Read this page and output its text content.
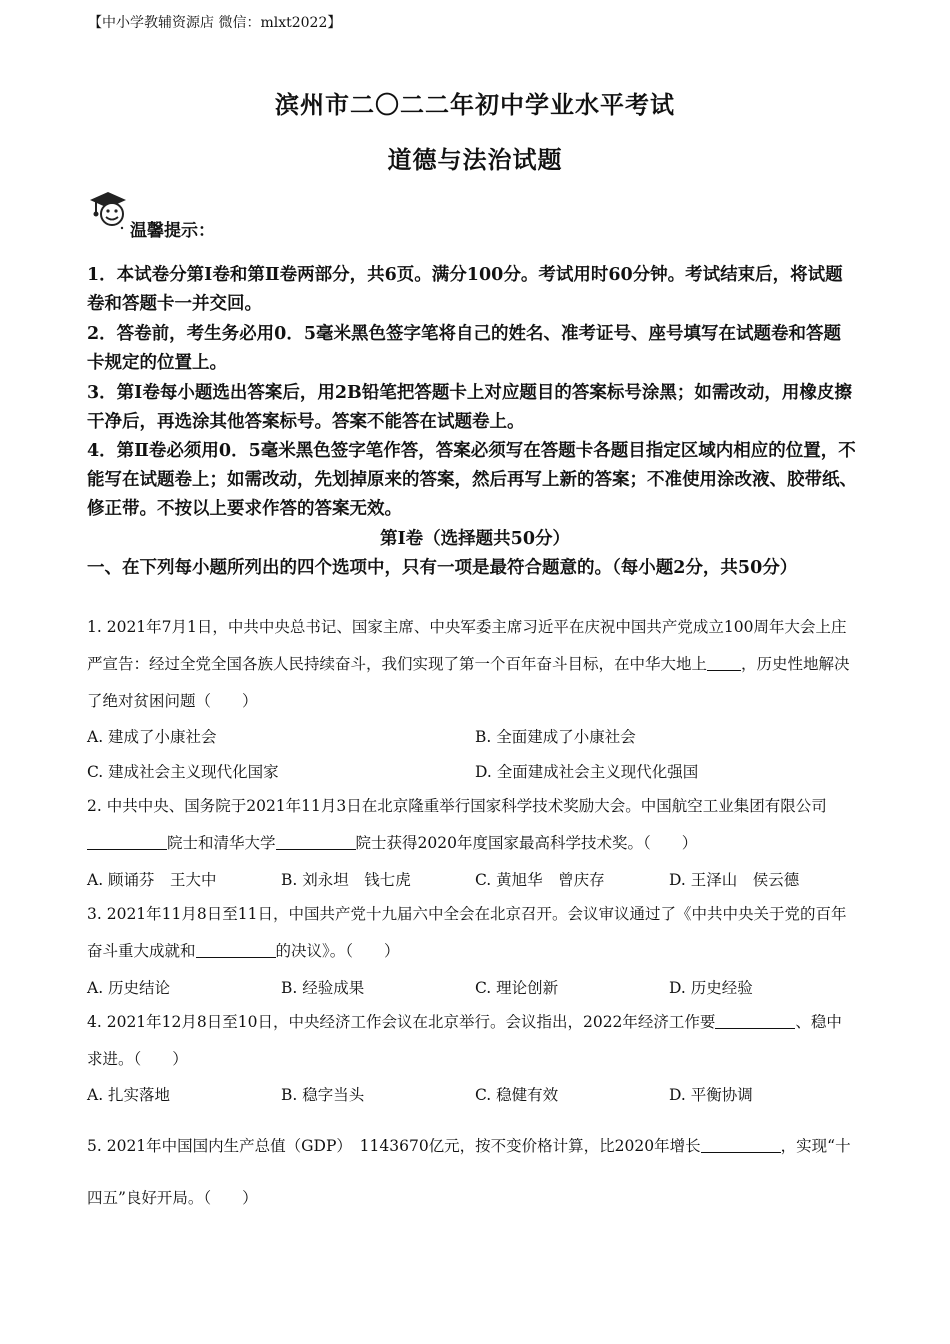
【中小学教辅资源店 微信：mlxt2022】
滨州市二〇二二年初中学业水平考试
道德与法治试题
温馨提示：

1．本试卷分第Ⅰ卷和第Ⅱ卷两部分，共6页。满分100分。考试用时60分钟。考试结束后，将试题卷和答题卡一并交回。

2．答卷前，考生务必用0．5毫米黑色签字笔将自己的姓名、准考证号、座号填写在试题卷和答题卡规定的位置上。

3．第Ⅰ卷每小题选出答案后，用2B铅笔把答题卡上对应题目的答案标号涂黑；如需改动，用橡皮擦干净后，再选涂其他答案标号。答案不能答在试题卷上。

4．第Ⅱ卷必须用0．5毫米黑色签字笔作答，答案必须写在答题卡各题目指定区域内相应的位置，不能写在试题卷上；如需改动，先划掉原来的答案，然后再写上新的答案；不准使用涂改液、胶带纸、修正带。不按以上要求作答的答案无效。

第Ⅰ卷（选择题共50分）

一、在下列每小题所列出的四个选项中，只有一项是最符合题意的。（每小题2分，共50分）

1. 2021年7月1日，中共中央总书记、国家主席、中央军委主席习近平在庆祝中国共产党成立100周年大会上庄严宣告：经过全党全国各族人民持续奋斗，我们实现了第一个百年奋斗目标，在中华大地上 ，历史性地解决了绝对贫困问题（　　）

A. 建成了小康社会	B. 全面建成了小康社会
C. 建成社会主义现代化国家	D. 全面建成社会主义现代化强国

2. 中共中央、国务院于2021年11月3日在北京隆重举行国家科学技术奖励大会。中国航空工业集团有限公司院士和清华大学	院士获得2020年度国家最高科学技术奖。（　　）

A. 顾诵芬　王大中	B. 刘永坦　钱七虎	C. 黄旭华　曾庆存	D. 王泽山　侯云德

3. 2021年11月8日至11日，中国共产党十九届六中全会在北京召开。会议审议通过了《中共中央关于党的百年奋斗重大成就和	的决议》。（　　）

A. 历史结论	B. 经验成果	C. 理论创新	D. 历史经验

4. 2021年12月8日至10日，中央经济工作会议在北京举行。会议指出，2022年经济工作要	、稳中求进。（　　）

A. 扎实落地	B. 稳字当头	C. 稳健有效	D. 平衡协调

5. 2021年中国国内生产总值（GDP）　1143670亿元，按不变价格计算，比2020年增长	，实现“十四五”良好开局。（　　）
